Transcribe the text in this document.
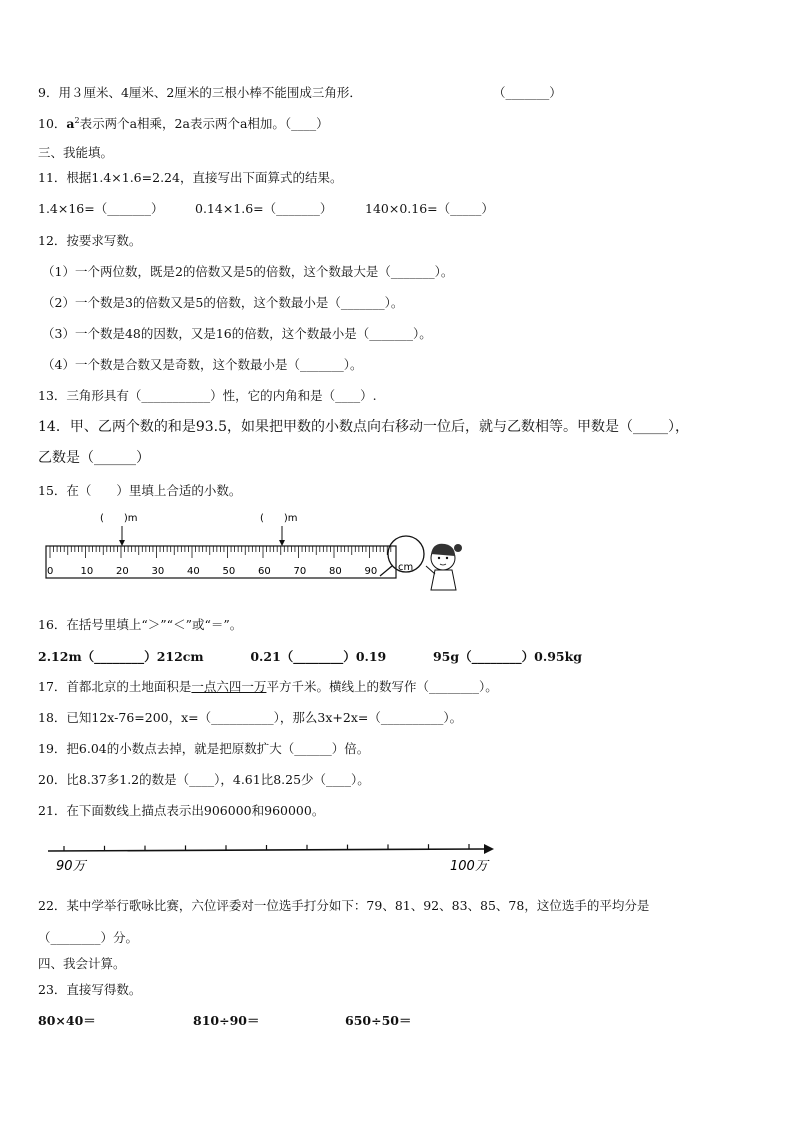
9．用３厘米、4厘米、2厘米的三根小棒不能围成三角形．	（_______）
10．$a^2$表示两个a相乘，2a表示两个a相加。（____）
三、我能填。
11．根据1.4×1.6=2.24，直接写出下面算式的结果。
1.4×16=（_______）	0.14×1.6=（_______）	140×0.16=（_____）
12．按要求写数。
（1）一个两位数，既是2的倍数又是5的倍数，这个数最大是（_______）。
（2）一个数是3的倍数又是5的倍数，这个数最小是（_______）。
（3）一个数是48的因数，又是16的倍数，这个数最小是（_______）。
（4）一个数是合数又是奇数，这个数最小是（_______）。
13．三角形具有（___________）性，它的内角和是（____）.
14．甲、乙两个数的和是93.5，如果把甲数的小数点向右移动一位后，就与乙数相等。甲数是（_____），
乙数是（______）
15．在（　　）里填上合适的小数。
(　　)m	(　　)m
0	10 20 30 40 50 60 70 80 90 cm
16．在括号里填上“＞”“＜”或“＝”。
2.12m（________）212cm	0.21（________）0.19	95g（________）0.95kg
17．首都北京的土地面积是一点六四一万平方千米。横线上的数写作（________）。
18．已知12x-76=200，x=（__________），那么3x+2x=（__________）。
19．把6.04的小数点去掉，就是把原数扩大（______）倍。
20．比8.37多1.2的数是（____），4.61比8.25少（____）。
21．在下面数线上描点表示出906000和960000。
90万	100万
22．某中学举行歌咏比赛，六位评委对一位选手打分如下：79、81、92、83、85、78，这位选手的平均分是
（________）分。
四、我会计算。
23．直接写得数。
80×40＝	810÷90＝	650÷50＝
